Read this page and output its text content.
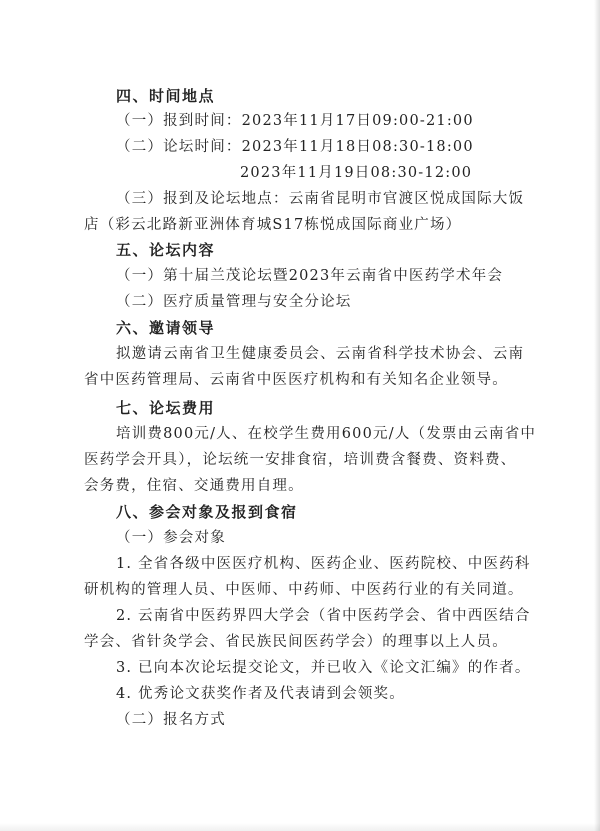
四、时间地点
（一）报到时间：2023年11月17日09:00-21:00
（二）论坛时间：2023年11月18日08:30-18:00
2023年11月19日08:30-12:00
（三）报到及论坛地点：云南省昆明市官渡区悦成国际大饭
店（彩云北路新亚洲体育城S17栋悦成国际商业广场）
五、论坛内容
（一）第十届兰茂论坛暨2023年云南省中医药学术年会
（二）医疗质量管理与安全分论坛
六、邀请领导
拟邀请云南省卫生健康委员会、云南省科学技术协会、云南
省中医药管理局、云南省中医医疗机构和有关知名企业领导。
七、论坛费用
培训费800元/人、在校学生费用600元/人（发票由云南省中
医药学会开具），论坛统一安排食宿，培训费含餐费、资料费、
会务费，住宿、交通费用自理。
八、参会对象及报到食宿
（一）参会对象
1. 全省各级中医医疗机构、医药企业、医药院校、中医药科
研机构的管理人员、中医师、中药师、中医药行业的有关同道。
2. 云南省中医药界四大学会（省中医药学会、省中西医结合
学会、省针灸学会、省民族民间医药学会）的理事以上人员。
3. 已向本次论坛提交论文，并已收入《论文汇编》的作者。
4. 优秀论文获奖作者及代表请到会领奖。
（二）报名方式
